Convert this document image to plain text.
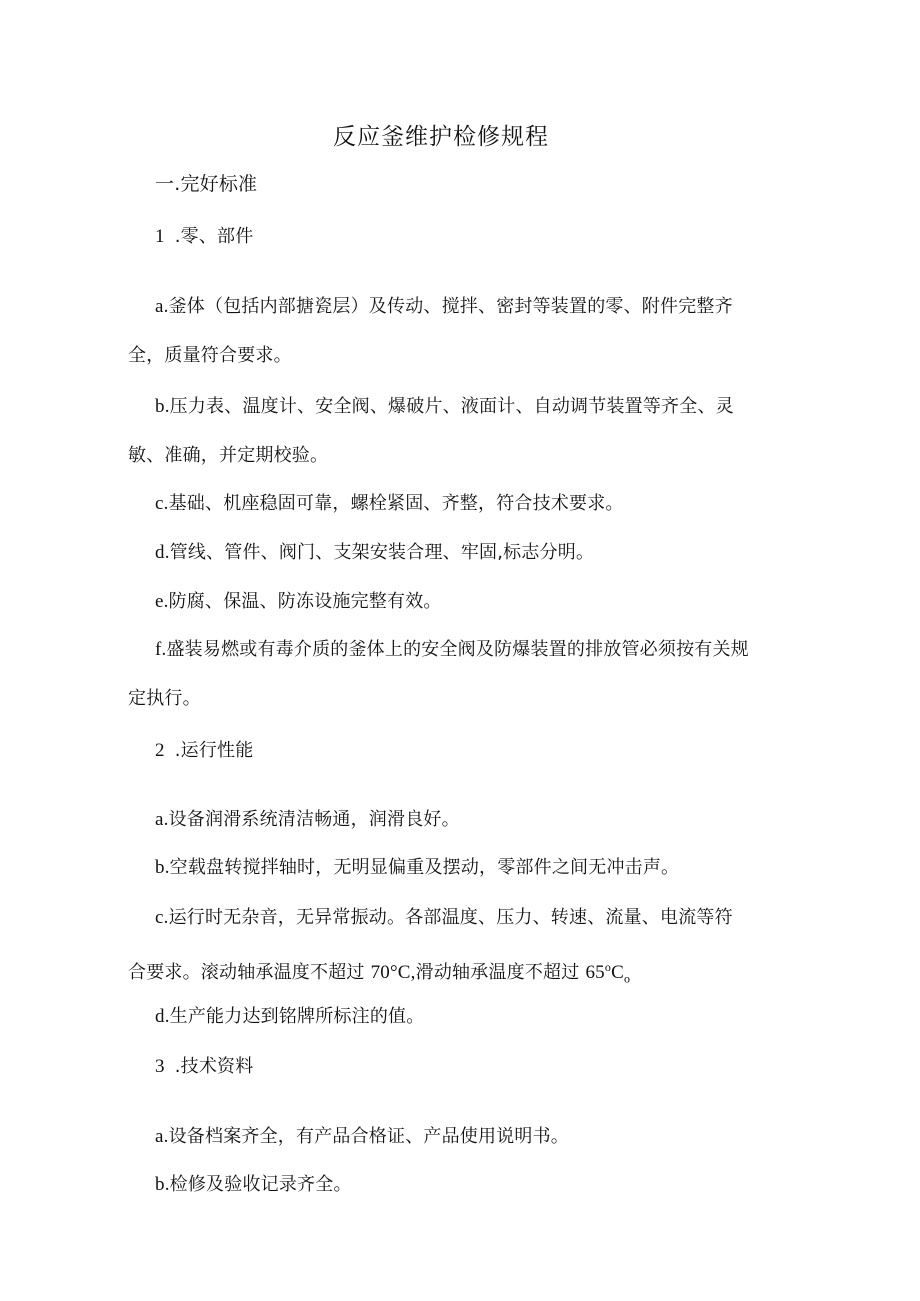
反应釜维护检修规程
一.完好标准
1 .零、部件
a.釜体（包括内部搪瓷层）及传动、搅拌、密封等装置的零、附件完整齐
全，质量符合要求。
b.压力表、温度计、安全阀、爆破片、液面计、自动调节装置等齐全、灵
敏、准确，并定期校验。
c.基础、机座稳固可靠，螺栓紧固、齐整，符合技术要求。
d.管线、管件、阀门、支架安装合理、牢固,标志分明。
e.防腐、保温、防冻设施完整有效。
f.盛装易燃或有毒介质的釜体上的安全阀及防爆装置的排放管必须按有关规
定执行。
2 .运行性能
a.设备润滑系统清洁畅通，润滑良好。
b.空载盘转搅拌轴时，无明显偏重及摆动，零部件之间无冲击声。
c.运行时无杂音，无异常振动。各部温度、压力、转速、流量、电流等符
合要求。滚动轴承温度不超过 70°C,滑动轴承温度不超过 $65^oC_o$
d.生产能力达到铭牌所标注的值。
3 .技术资料
a.设备档案齐全，有产品合格证、产品使用说明书。
b.检修及验收记录齐全。
